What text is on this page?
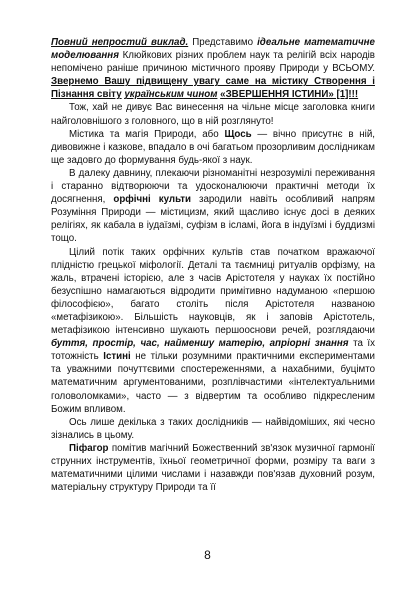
Повний непростий виклад. Представимо ідеальне математичне моделювання Клюйкових різних проблем наук та релігій всіх народів непомічено раніше причиною містичного прояву Природи у ВСЬОМУ. Звернемо Вашу підвищену увагу саме на містику Створення і Пізнання світу українським чином «ЗВЕРШЕННЯ ІСТИНИ» [1]!!!

Тож, хай не дивує Вас винесення на чільне місце заголовка книги найголовнішого з головного, що в ній розглянуто!

Містика та магія Природи, або Щось — вічно присутнє в ній, дивовижне і казкове, впадало в очі багатьом прозорливим дослідникам ще задовго до формування будь-якої з наук.

В далеку давнину, плекаючи різноманітні незрозумілі переживання і старанно відтворюючи та удосконалюючи практичні методи їх досягнення, орфічні культи зародили навіть особливий напрям Розуміння Природи — містицизм, який щасливо існує досі в деяких релігіях, як кабала в іудаїзмі, суфізм в ісламі, йога в індуїзмі і буддизмі тощо.

Цілий потік таких орфічних культів став початком вражаючої плідністю грецької міфології. Деталі та таємниці ритуалів орфізму, на жаль, втрачені історією, але з часів Арістотеля у науках їх постійно безуспішно намагаються відродити примітивно надуманою «першою філософією», багато століть після Арістотеля названою «метафізикою». Більшість науковців, як і заповів Арістотель, метафізикою інтенсивно шукають першооснови речей, розглядаючи буття, простір, час, найменшу матерію, апріорні знання та їх тотожність Істині не тільки розумними практичними експериментами та уважними почуттєвими спостереженнями, а нахабними, буцімто математичним аргументованими, розплівчастими «інтелектуальними головоломками», часто — з відвертим та особливо підкресленим Божим впливом.

Ось лише декілька з таких дослідників — найвідоміших, які чесно зізнались в цьому.

Піфагор помітив магічний Божественний зв'язок музичної гармонії струнних інструментів, їхньої геометричної форми, розміру та ваги з математичними цілими числами і назавжди пов'язав духовний розум, матеріальну структуру Природи та її

8
